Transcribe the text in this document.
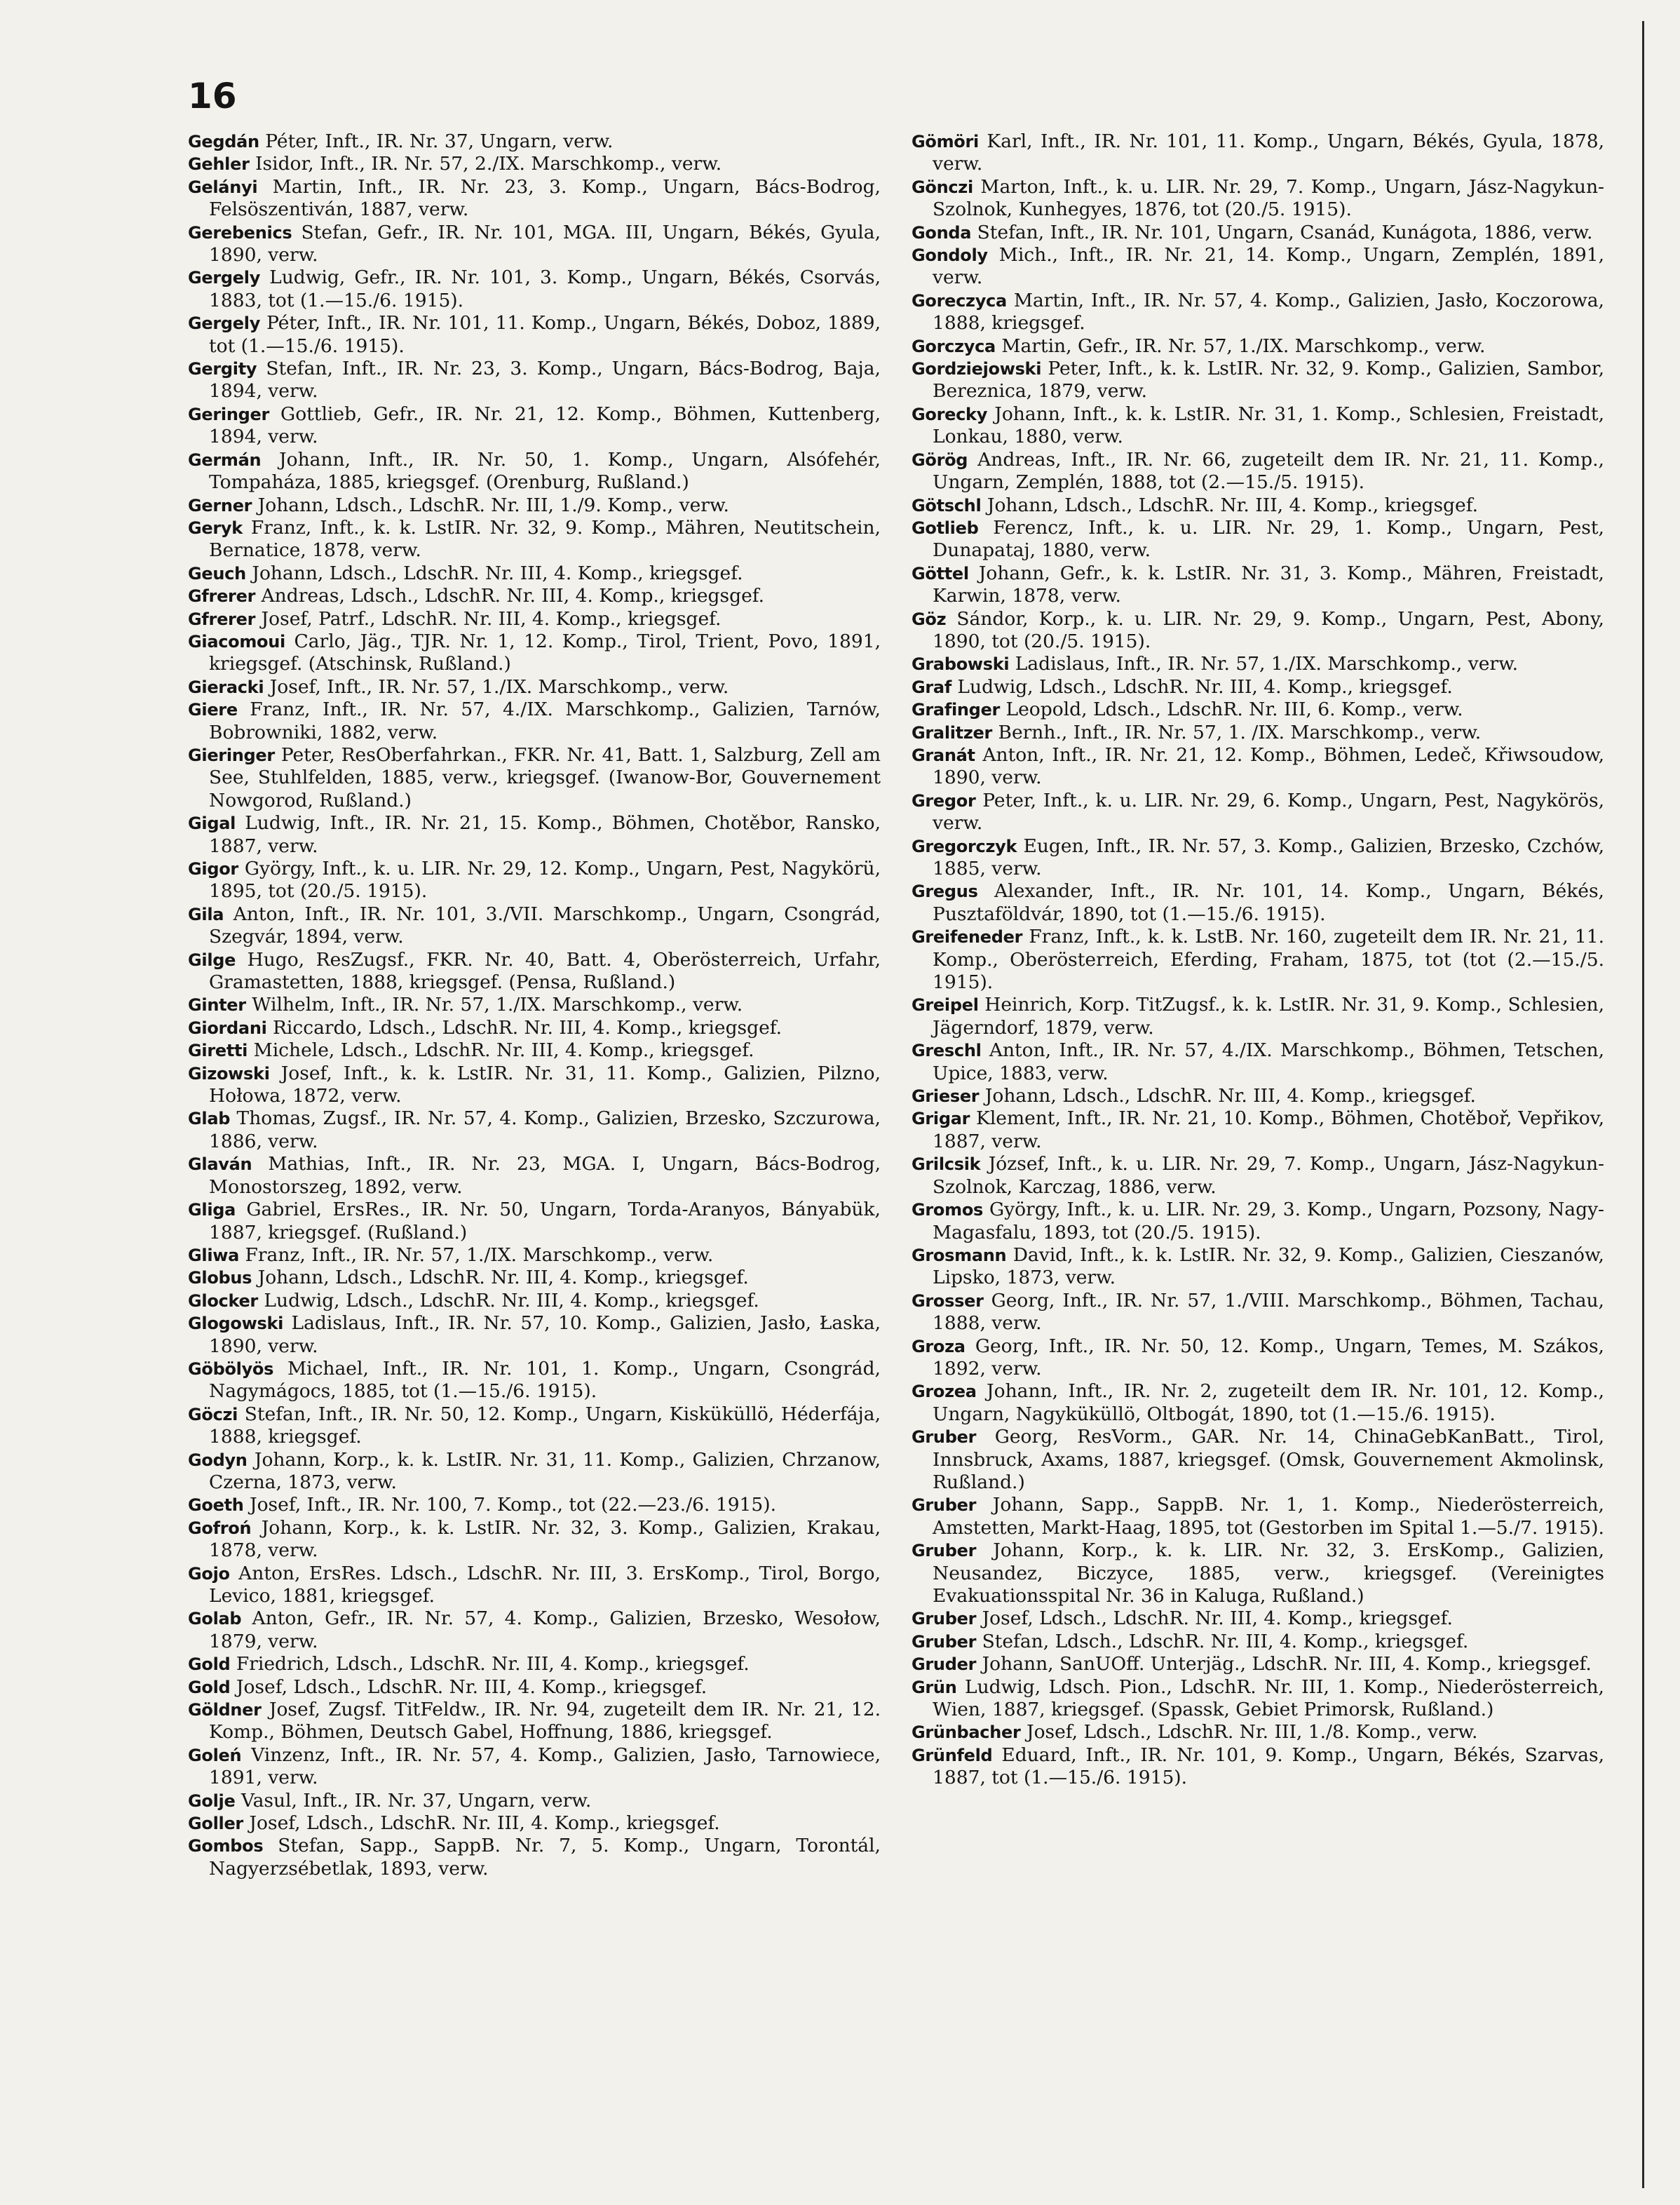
16

Gegdán Péter, Inft., IR. Nr. 37, Ungarn, verw.

Gehler Isidor, Inft., IR. Nr. 57, 2./IX. Marschkomp., verw.

Gelányi Martin, Inft., IR. Nr. 23, 3. Komp., Ungarn, Bács-Bodrog, Felsöszentiván, 1887, verw.

Gerebenics Stefan, Gefr., IR. Nr. 101, MGA. III, Ungarn, Békés, Gyula, 1890, verw.

Gergely Ludwig, Gefr., IR. Nr. 101, 3. Komp., Ungarn, Békés, Csorvás, 1883, tot (1.—15./6. 1915).

Gergely Péter, Inft., IR. Nr. 101, 11. Komp., Ungarn, Békés, Doboz, 1889, tot (1.—15./6. 1915).

Gergity Stefan, Inft., IR. Nr. 23, 3. Komp., Ungarn, Bács-Bodrog, Baja, 1894, verw.

Geringer Gottlieb, Gefr., IR. Nr. 21, 12. Komp., Böhmen, Kuttenberg, 1894, verw.

Germán Johann, Inft., IR. Nr. 50, 1. Komp., Ungarn, Alsófehér, Tompaháza, 1885, kriegsgef. (Orenburg, Rußland.)

Gerner Johann, Ldsch., LdschR. Nr. III, 1./9. Komp., verw.

Geryk Franz, Inft., k. k. LstIR. Nr. 32, 9. Komp., Mähren, Neutitschein, Bernatice, 1878, verw.

Geuch Johann, Ldsch., LdschR. Nr. III, 4. Komp., kriegsgef.

Gfrerer Andreas, Ldsch., LdschR. Nr. III, 4. Komp., kriegsgef.

Gfrerer Josef, Patrf., LdschR. Nr. III, 4. Komp., kriegsgef.

Giacomoui Carlo, Jäg., TJR. Nr. 1, 12. Komp., Tirol, Trient, Povo, 1891, kriegsgef. (Atschinsk, Rußland.)

Gieracki Josef, Inft., IR. Nr. 57, 1./IX. Marschkomp., verw.

Giere Franz, Inft., IR. Nr. 57, 4./IX. Marschkomp., Galizien, Tarnów, Bobrowniki, 1882, verw.

Gieringer Peter, ResOberfahrkan., FKR. Nr. 41, Batt. 1, Salzburg, Zell am See, Stuhlfelden, 1885, verw., kriegsgef. (Iwanow-Bor, Gouvernement Nowgorod, Rußland.)

Gigal Ludwig, Inft., IR. Nr. 21, 15. Komp., Böhmen, Chotěbor, Ransko, 1887, verw.

Gigor György, Inft., k. u. LIR. Nr. 29, 12. Komp., Ungarn, Pest, Nagykörü, 1895, tot (20./5. 1915).

Gila Anton, Inft., IR. Nr. 101, 3./VII. Marschkomp., Ungarn, Csongrád, Szegvár, 1894, verw.

Gilge Hugo, ResZugsf., FKR. Nr. 40, Batt. 4, Oberösterreich, Urfahr, Gramastetten, 1888, kriegsgef. (Pensa, Rußland.)

Ginter Wilhelm, Inft., IR. Nr. 57, 1./IX. Marschkomp., verw.

Giordani Riccardo, Ldsch., LdschR. Nr. III, 4. Komp., kriegsgef.

Giretti Michele, Ldsch., LdschR. Nr. III, 4. Komp., kriegsgef.

Gizowski Josef, Inft., k. k. LstIR. Nr. 31, 11. Komp., Galizien, Pilzno, Hołowa, 1872, verw.

Glab Thomas, Zugsf., IR. Nr. 57, 4. Komp., Galizien, Brzesko, Szczurowa, 1886, verw.

Glaván Mathias, Inft., IR. Nr. 23, MGA. I, Ungarn, Bács-Bodrog, Monostorszeg, 1892, verw.

Gliga Gabriel, ErsRes., IR. Nr. 50, Ungarn, Torda-Aranyos, Bányabük, 1887, kriegsgef. (Rußland.)

Gliwa Franz, Inft., IR. Nr. 57, 1./IX. Marschkomp., verw.

Globus Johann, Ldsch., LdschR. Nr. III, 4. Komp., kriegsgef.

Glocker Ludwig, Ldsch., LdschR. Nr. III, 4. Komp., kriegsgef.

Glogowski Ladislaus, Inft., IR. Nr. 57, 10. Komp., Galizien, Jasło, Łaska, 1890, verw.

Göbölyös Michael, Inft., IR. Nr. 101, 1. Komp., Ungarn, Csongrád, Nagymágocs, 1885, tot (1.—15./6. 1915).

Göczi Stefan, Inft., IR. Nr. 50, 12. Komp., Ungarn, Kisküküllö, Héderfája, 1888, kriegsgef.

Godyn Johann, Korp., k. k. LstIR. Nr. 31, 11. Komp., Galizien, Chrzanow, Czerna, 1873, verw.

Goeth Josef, Inft., IR. Nr. 100, 7. Komp., tot (22.—23./6. 1915).

Gofroń Johann, Korp., k. k. LstIR. Nr. 32, 3. Komp., Galizien, Krakau, 1878, verw.

Gojo Anton, ErsRes. Ldsch., LdschR. Nr. III, 3. ErsKomp., Tirol, Borgo, Levico, 1881, kriegsgef.

Golab Anton, Gefr., IR. Nr. 57, 4. Komp., Galizien, Brzesko, Wesołow, 1879, verw.

Gold Friedrich, Ldsch., LdschR. Nr. III, 4. Komp., kriegsgef.

Gold Josef, Ldsch., LdschR. Nr. III, 4. Komp., kriegsgef.

Göldner Josef, Zugsf. TitFeldw., IR. Nr. 94, zugeteilt dem IR. Nr. 21, 12. Komp., Böhmen, Deutsch Gabel, Hoffnung, 1886, kriegsgef.

Goleń Vinzenz, Inft., IR. Nr. 57, 4. Komp., Galizien, Jasło, Tarnowiece, 1891, verw.

Golje Vasul, Inft., IR. Nr. 37, Ungarn, verw.

Goller Josef, Ldsch., LdschR. Nr. III, 4. Komp., kriegsgef.

Gombos Stefan, Sapp., SappB. Nr. 7, 5. Komp., Ungarn, Torontál, Nagyerzsébetlak, 1893, verw.

Gömöri Karl, Inft., IR. Nr. 101, 11. Komp., Ungarn, Békés, Gyula, 1878, verw.

Gönczi Marton, Inft., k. u. LIR. Nr. 29, 7. Komp., Ungarn, Jász-Nagykun-Szolnok, Kunhegyes, 1876, tot (20./5. 1915).

Gonda Stefan, Inft., IR. Nr. 101, Ungarn, Csanád, Kunágota, 1886, verw.

Gondoly Mich., Inft., IR. Nr. 21, 14. Komp., Ungarn, Zemplén, 1891, verw.

Goreczyca Martin, Inft., IR. Nr. 57, 4. Komp., Galizien, Jasło, Koczorowa, 1888, kriegsgef.

Gorczyca Martin, Gefr., IR. Nr. 57, 1./IX. Marschkomp., verw.

Gordziejowski Peter, Inft., k. k. LstIR. Nr. 32, 9. Komp., Galizien, Sambor, Bereznica, 1879, verw.

Gorecky Johann, Inft., k. k. LstIR. Nr. 31, 1. Komp., Schlesien, Freistadt, Lonkau, 1880, verw.

Görög Andreas, Inft., IR. Nr. 66, zugeteilt dem IR. Nr. 21, 11. Komp., Ungarn, Zemplén, 1888, tot (2.—15./5. 1915).

Götschl Johann, Ldsch., LdschR. Nr. III, 4. Komp., kriegsgef.

Gotlieb Ferencz, Inft., k. u. LIR. Nr. 29, 1. Komp., Ungarn, Pest, Dunapataj, 1880, verw.

Göttel Johann, Gefr., k. k. LstIR. Nr. 31, 3. Komp., Mähren, Freistadt, Karwin, 1878, verw.

Göz Sándor, Korp., k. u. LIR. Nr. 29, 9. Komp., Ungarn, Pest, Abony, 1890, tot (20./5. 1915).

Grabowski Ladislaus, Inft., IR. Nr. 57, 1./IX. Marschkomp., verw.

Graf Ludwig, Ldsch., LdschR. Nr. III, 4. Komp., kriegsgef.

Grafinger Leopold, Ldsch., LdschR. Nr. III, 6. Komp., verw.

Gralitzer Bernh., Inft., IR. Nr. 57, 1. /IX. Marschkomp., verw.

Granát Anton, Inft., IR. Nr. 21, 12. Komp., Böhmen, Ledeč, Křiwsoudow, 1890, verw.

Gregor Peter, Inft., k. u. LIR. Nr. 29, 6. Komp., Ungarn, Pest, Nagykörös, verw.

Gregorczyk Eugen, Inft., IR. Nr. 57, 3. Komp., Galizien, Brzesko, Czchów, 1885, verw.

Gregus Alexander, Inft., IR. Nr. 101, 14. Komp., Ungarn, Békés, Pusztaföldvár, 1890, tot (1.—15./6. 1915).

Greifeneder Franz, Inft., k. k. LstB. Nr. 160, zugeteilt dem IR. Nr. 21, 11. Komp., Oberösterreich, Eferding, Fraham, 1875, tot (tot (2.—15./5. 1915).

Greipel Heinrich, Korp. TitZugsf., k. k. LstIR. Nr. 31, 9. Komp., Schlesien, Jägerndorf, 1879, verw.

Greschl Anton, Inft., IR. Nr. 57, 4./IX. Marschkomp., Böhmen, Tetschen, Upice, 1883, verw.

Grieser Johann, Ldsch., LdschR. Nr. III, 4. Komp., kriegsgef.

Grigar Klement, Inft., IR. Nr. 21, 10. Komp., Böhmen, Chotěboř, Vepřikov, 1887, verw.

Grilcsik József, Inft., k. u. LIR. Nr. 29, 7. Komp., Ungarn, Jász-Nagykun-Szolnok, Karczag, 1886, verw.

Gromos György, Inft., k. u. LIR. Nr. 29, 3. Komp., Ungarn, Pozsony, Nagy-Magasfalu, 1893, tot (20./5. 1915).

Grosmann David, Inft., k. k. LstIR. Nr. 32, 9. Komp., Galizien, Cieszanów, Lipsko, 1873, verw.

Grosser Georg, Inft., IR. Nr. 57, 1./VIII. Marschkomp., Böhmen, Tachau, 1888, verw.

Groza Georg, Inft., IR. Nr. 50, 12. Komp., Ungarn, Temes, M. Szákos, 1892, verw.

Grozea Johann, Inft., IR. Nr. 2, zugeteilt dem IR. Nr. 101, 12. Komp., Ungarn, Nagyküküllö, Oltbogát, 1890, tot (1.—15./6. 1915).

Gruber Georg, ResVorm., GAR. Nr. 14, ChinaGebKanBatt., Tirol, Innsbruck, Axams, 1887, kriegsgef. (Omsk, Gouvernement Akmolinsk, Rußland.)

Gruber Johann, Sapp., SappB. Nr. 1, 1. Komp., Niederösterreich, Amstetten, Markt-Haag, 1895, tot (Gestorben im Spital 1.—5./7. 1915).

Gruber Johann, Korp., k. k. LIR. Nr. 32, 3. ErsKomp., Galizien, Neusandez, Biczyce, 1885, verw., kriegsgef. (Vereinigtes Evakuationsspital Nr. 36 in Kaluga, Rußland.)

Gruber Josef, Ldsch., LdschR. Nr. III, 4. Komp., kriegsgef.

Gruber Stefan, Ldsch., LdschR. Nr. III, 4. Komp., kriegsgef.

Gruder Johann, SanUOff. Unterjäg., LdschR. Nr. III, 4. Komp., kriegsgef.

Grün Ludwig, Ldsch. Pion., LdschR. Nr. III, 1. Komp., Niederösterreich, Wien, 1887, kriegsgef. (Spassk, Gebiet Primorsk, Rußland.)

Grünbacher Josef, Ldsch., LdschR. Nr. III, 1./8. Komp., verw.

Grünfeld Eduard, Inft., IR. Nr. 101, 9. Komp., Ungarn, Békés, Szarvas, 1887, tot (1.—15./6. 1915).
